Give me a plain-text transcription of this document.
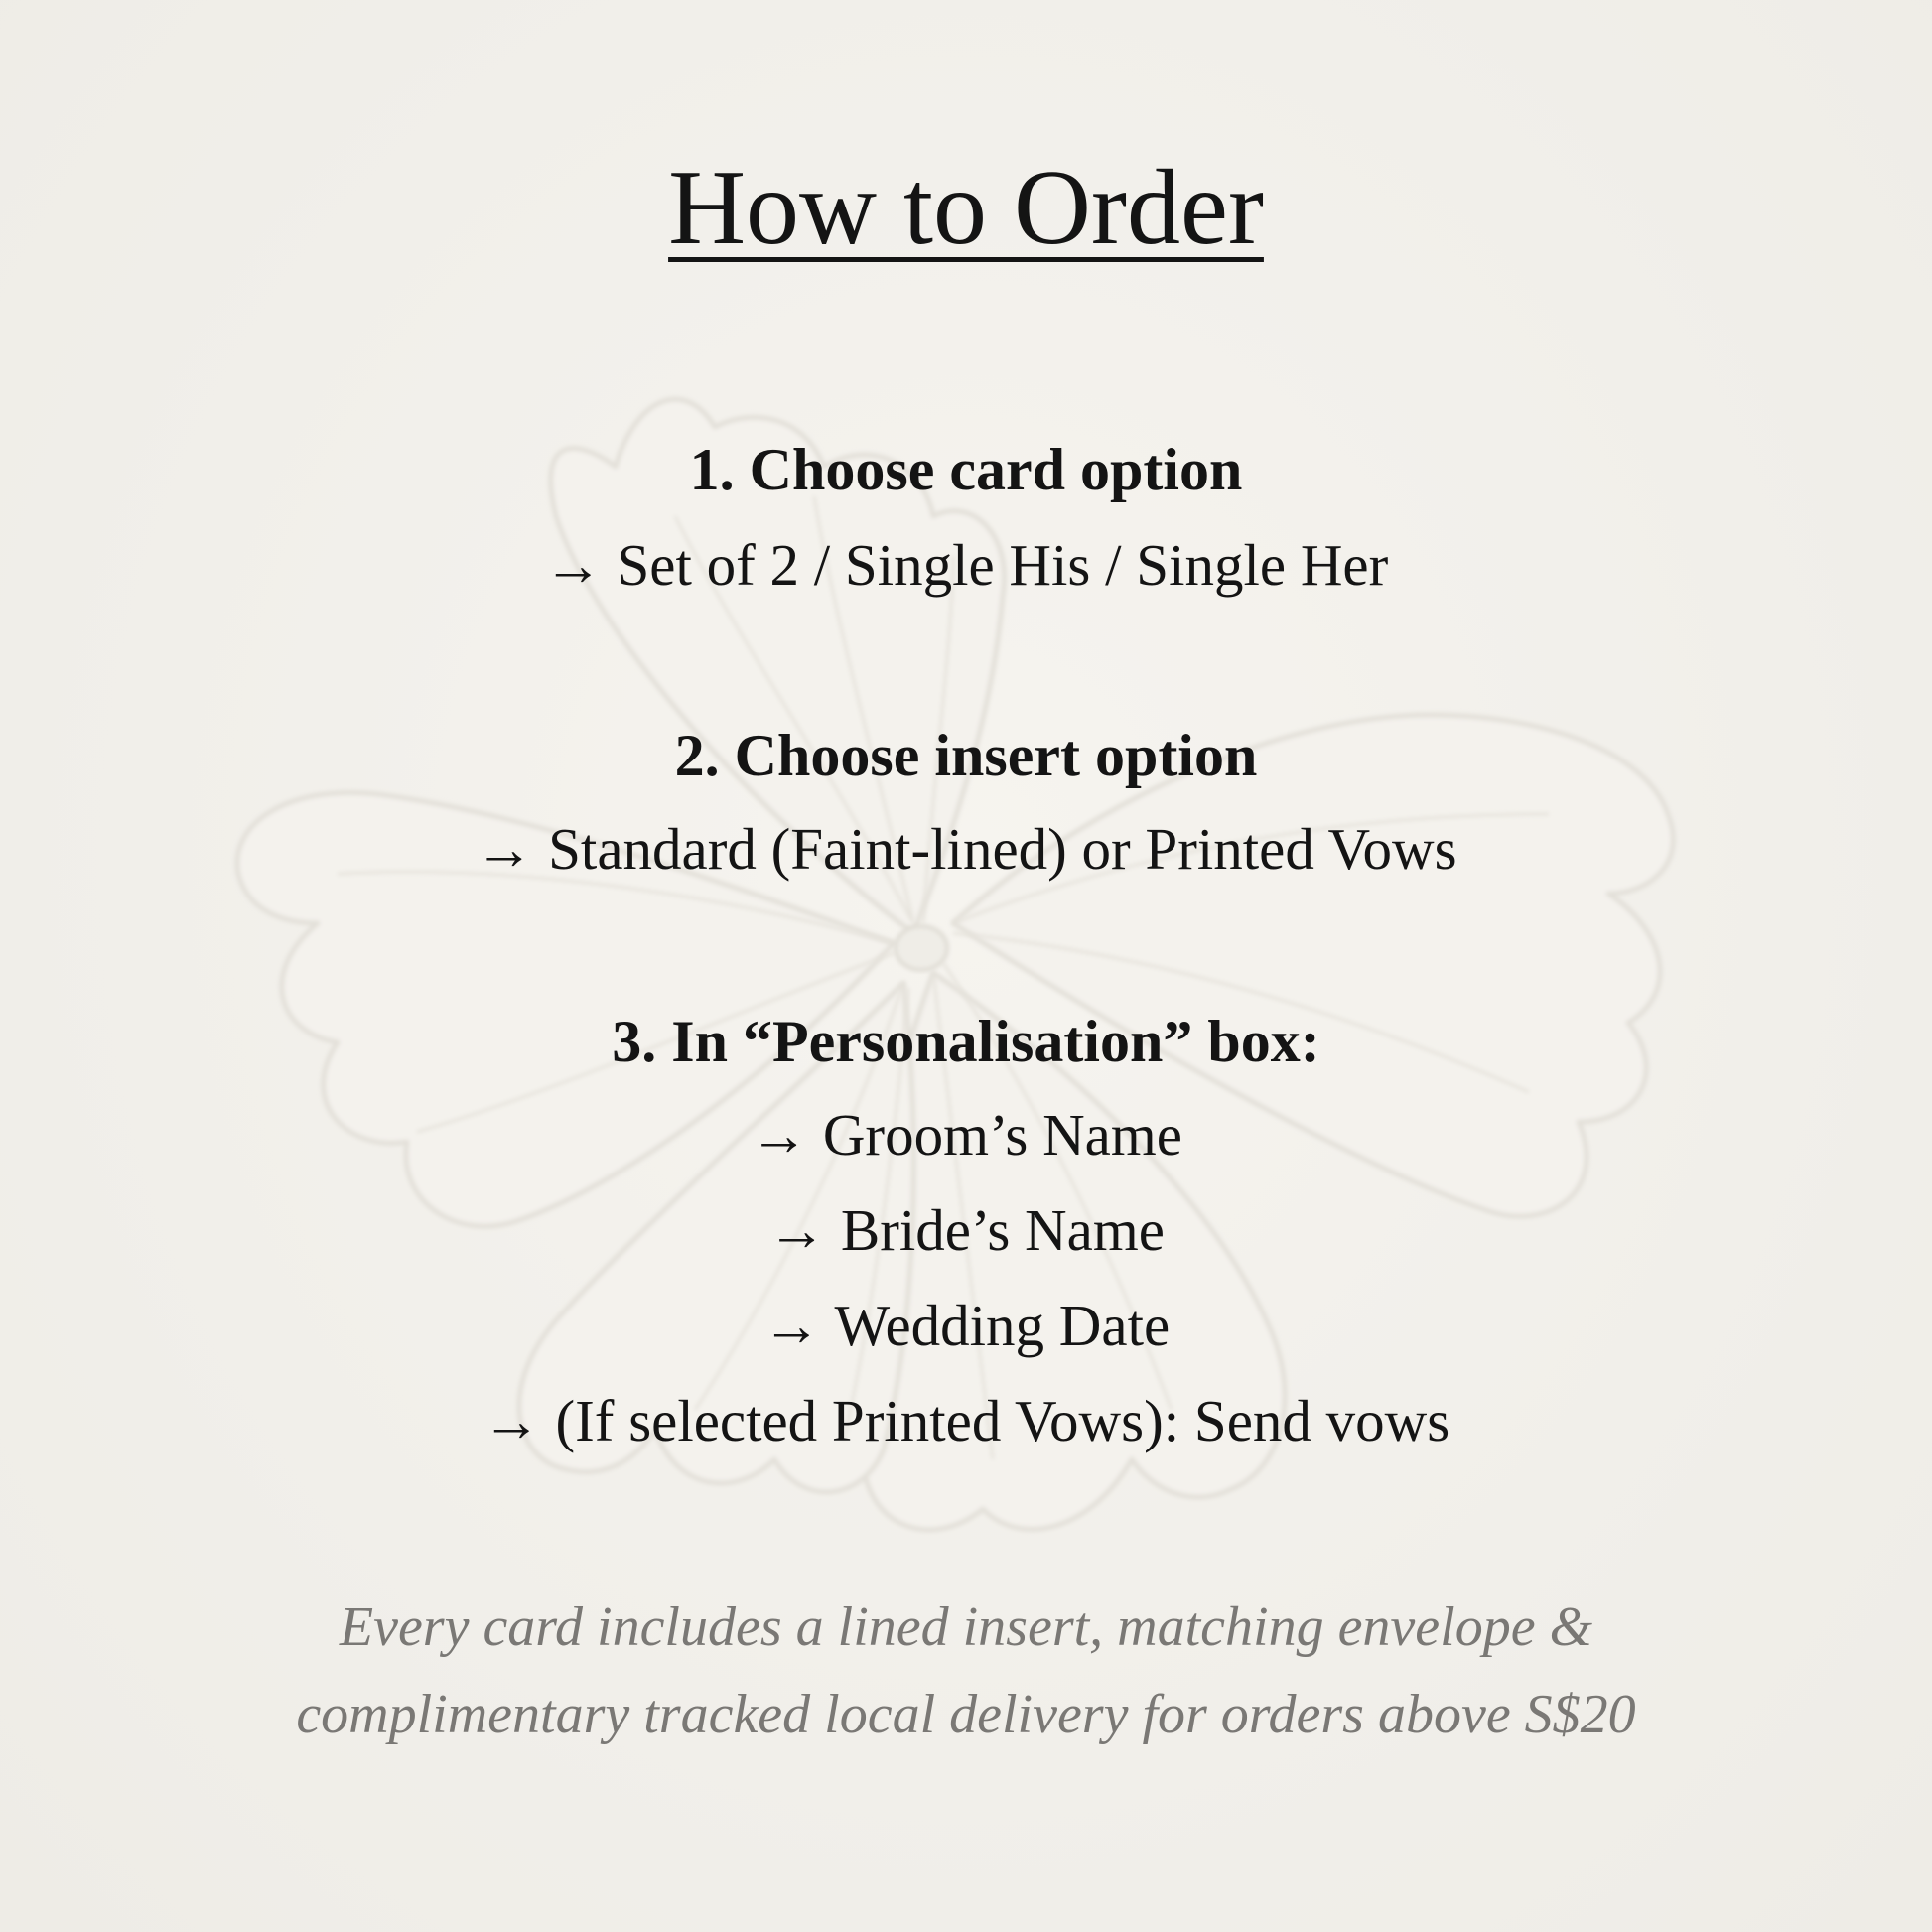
How to Order

1. Choose card option

→ Set of 2 / Single His / Single Her

2. Choose insert option

→ Standard (Faint-lined) or Printed Vows

3. In “Personalisation” box:

→ Groom’s Name

→ Bride’s Name

→ Wedding Date

→ (If selected Printed Vows): Send vows

Every card includes a lined insert, matching envelope &

complimentary tracked local delivery for orders above S$20
